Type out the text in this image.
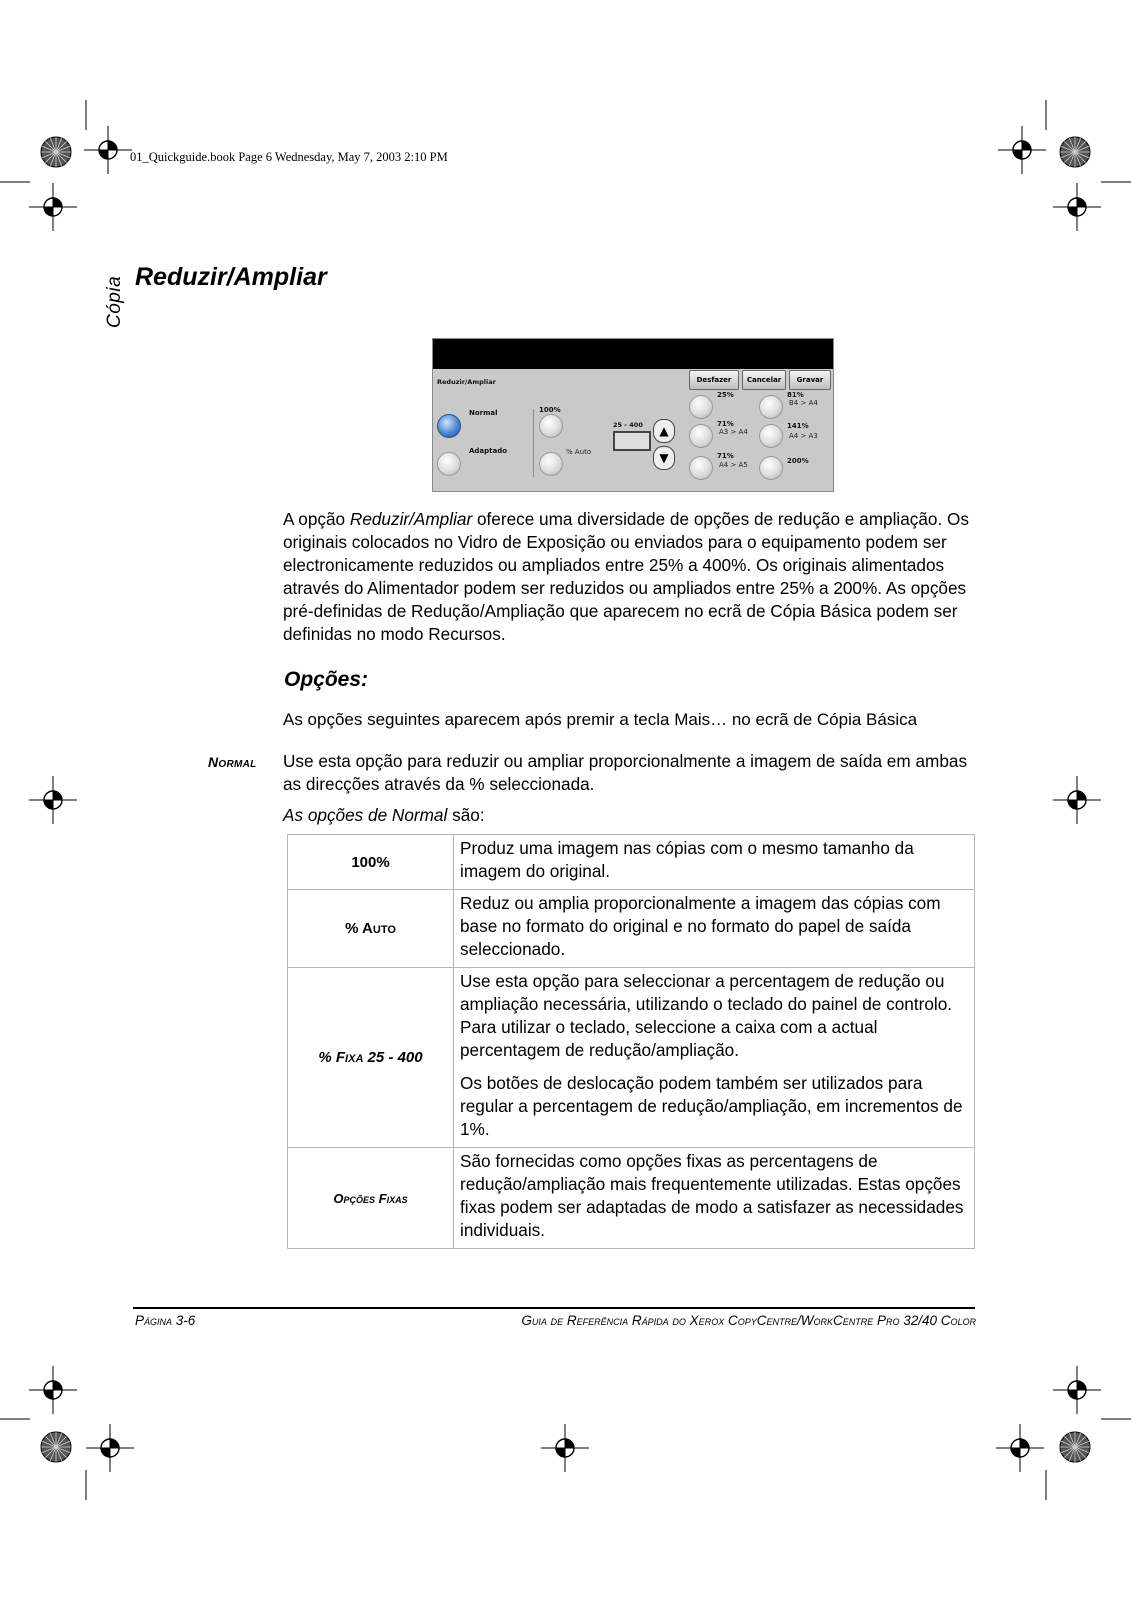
01_Quickguide.book Page 6 Wednesday, May 7, 2003 2:10 PM
Cópia Reduzir/Ampliar
Reduzir/Ampliar	Desfazer	Cancelar	Gravar
Normal
Adaptado
100%
% Auto
25 - 400	▲
▼
25%
71%
A3 > A4
71%
A4 > A5
81%
B4 > A4
141%
A4 > A3
200%
A opção Reduzir/Ampliar oferece uma diversidade de opções de redução e ampliação. Os originais colocados no Vidro de Exposição ou enviados para o equipamento podem ser electronicamente reduzidos ou ampliados entre 25% a 400%. Os originais alimentados através do Alimentador podem ser reduzidos ou ampliados entre 25% a 200%. As opções pré-definidas de Redução/Ampliação que aparecem no ecrã de Cópia Básica podem ser definidas no modo Recursos.
Opções:
As opções seguintes aparecem após premir a tecla Mais… no ecrã de Cópia Básica
Normal Use esta opção para reduzir ou ampliar proporcionalmente a imagem de saída em ambas as direcções através da % seleccionada.
As opções de Normal são:
100%	Produz uma imagem nas cópias com o mesmo tamanho da imagem do original.

% Auto	Reduz ou amplia proporcionalmente a imagem das cópias com base no formato do original e no formato do papel de saída seleccionado.

% Fixa 25 - 400	Use esta opção para seleccionar a percentagem de redução ou ampliação necessária, utilizando o teclado do painel de controlo. Para utilizar o teclado, seleccione a caixa com a actual percentagem de redução/ampliação.

Os botões de deslocação podem também ser utilizados para regular a percentagem de redução/ampliação, em incrementos de 1%.

Opções Fixas	São fornecidas como opções fixas as percentagens de redução/ampliação mais frequentemente utilizadas. Estas opções fixas podem ser adaptadas de modo a satisfazer as necessidades individuais.

Página 3-6	Guia de Referência Rápida do Xerox CopyCentre/WorkCentre Pro 32/40 Color
